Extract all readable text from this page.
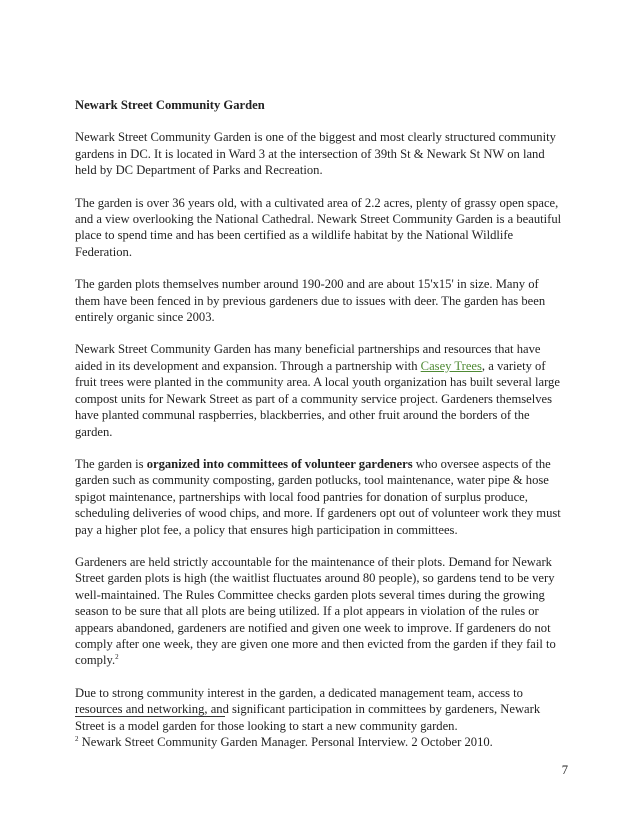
Newark Street Community Garden

Newark Street Community Garden is one of the biggest and most clearly structured community gardens in DC. It is located in Ward 3 at the intersection of 39th St & Newark St NW on land held by DC Department of Parks and Recreation.

The garden is over 36 years old, with a cultivated area of 2.2 acres, plenty of grassy open space, and a view overlooking the National Cathedral. Newark Street Community Garden is a beautiful place to spend time and has been certified as a wildlife habitat by the National Wildlife Federation.

The garden plots themselves number around 190-200 and are about 15'x15' in size. Many of them have been fenced in by previous gardeners due to issues with deer. The garden has been entirely organic since 2003.

Newark Street Community Garden has many beneficial partnerships and resources that have aided in its development and expansion. Through a partnership with Casey Trees, a variety of fruit trees were planted in the community area. A local youth organization has built several large compost units for Newark Street as part of a community service project. Gardeners themselves have planted communal raspberries, blackberries, and other fruit around the borders of the garden.

The garden is organized into committees of volunteer gardeners who oversee aspects of the garden such as community composting, garden potlucks, tool maintenance, water pipe & hose spigot maintenance, partnerships with local food pantries for donation of surplus produce, scheduling deliveries of wood chips, and more. If gardeners opt out of volunteer work they must pay a higher plot fee, a policy that ensures high participation in committees.

Gardeners are held strictly accountable for the maintenance of their plots. Demand for Newark Street garden plots is high (the waitlist fluctuates around 80 people), so gardens tend to be very well-maintained. The Rules Committee checks garden plots several times during the growing season to be sure that all plots are being utilized. If a plot appears in violation of the rules or appears abandoned, gardeners are notified and given one week to improve. If gardeners do not comply after one week, they are given one more and then evicted from the garden if they fail to comply.$^2$

Due to strong community interest in the garden, a dedicated management team, access to resources and networking, and significant participation in committees by gardeners, Newark Street is a model garden for those looking to start a new community garden.

$^2$ Newark Street Community Garden Manager. Personal Interview. 2 October 2010.
7
